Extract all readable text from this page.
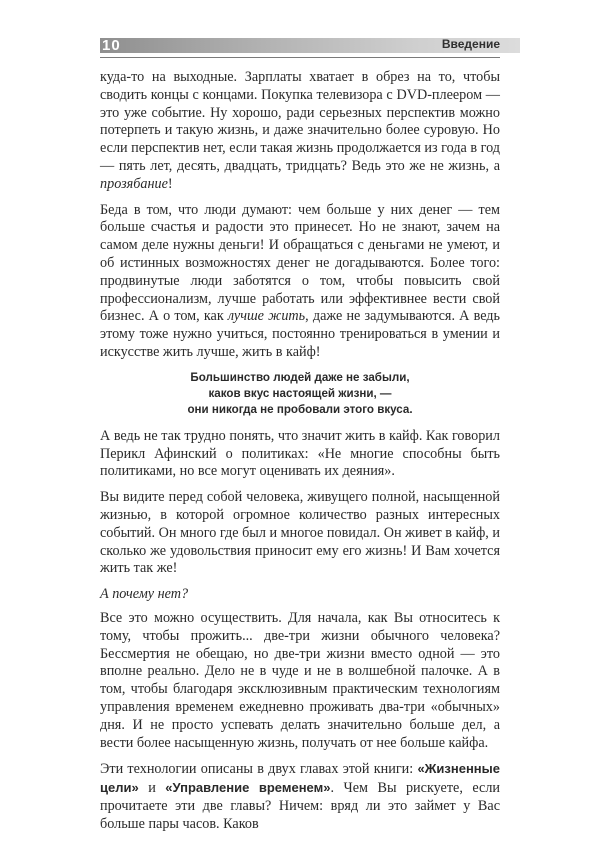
10	Введение

куда-то на выходные. Зарплаты хватает в обрез на то, чтобы сводить концы с концами. Покупка телевизора с DVD-плеером — это уже событие. Ну хорошо, ради серьезных перспектив можно потерпеть и такую жизнь, и даже значительно более суровую. Но если перспектив нет, если такая жизнь продолжается из года в год — пять лет, десять, двадцать, тридцать? Ведь это же не жизнь, а прозябание!

Беда в том, что люди думают: чем больше у них денег — тем больше счастья и радости это принесет. Но не знают, зачем на самом деле нужны деньги! И обращаться с деньгами не умеют, и об истинных возможностях денег не догадываются. Более того: продвинутые люди заботятся о том, чтобы повысить свой профессионализм, лучше работать или эффективнее вести свой бизнес. А о том, как лучше жить, даже не задумываются. А ведь этому тоже нужно учиться, постоянно тренироваться в умении и искусстве жить лучше, жить в кайф!

Большинство людей даже не забыли,
каков вкус настоящей жизни, —
они никогда не пробовали этого вкуса.

А ведь не так трудно понять, что значит жить в кайф. Как говорил Перикл Афинский о политиках: «Не многие способны быть политиками, но все могут оценивать их деяния».

Вы видите перед собой человека, живущего полной, насыщенной жизнью, в которой огромное количество разных интересных событий. Он много где был и многое повидал. Он живет в кайф, и сколько же удовольствия приносит ему его жизнь! И Вам хочется жить так же!

А почему нет?

Все это можно осуществить. Для начала, как Вы относитесь к тому, чтобы прожить... две-три жизни обычного человека? Бессмертия не обещаю, но две-три жизни вместо одной — это вполне реально. Дело не в чуде и не в волшебной палочке. А в том, чтобы благодаря эксклюзивным практическим технологиям управления временем ежедневно проживать два-три «обычных» дня. И не просто успевать делать значительно больше дел, а вести более насыщенную жизнь, получать от нее больше кайфа.

Эти технологии описаны в двух главах этой книги: «Жизненные цели» и «Управление временем». Чем Вы рискуете, если прочитаете эти две главы? Ничем: вряд ли это займет у Вас больше пары часов. Каков
